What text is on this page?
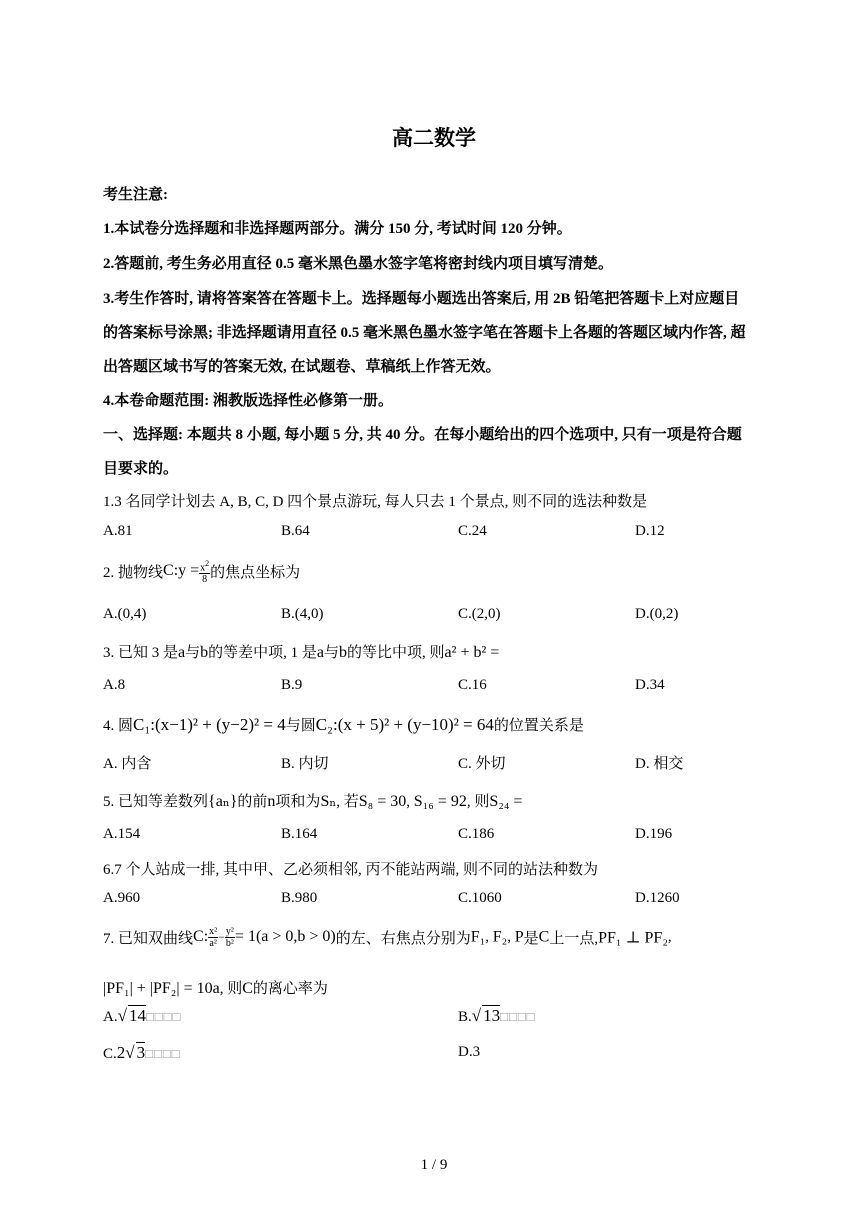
高二数学
考生注意:
1.本试卷分选择题和非选择题两部分。满分 150 分, 考试时间 120 分钟。
2.答题前, 考生务必用直径 0.5 毫米黑色墨水签字笔将密封线内项目填写清楚。
3.考生作答时, 请将答案答在答题卡上。选择题每小题选出答案后, 用 2B 铅笔把答题卡上对应题目
的答案标号涂黑; 非选择题请用直径 0.5 毫米黑色墨水签字笔在答题卡上各题的答题区域内作答, 超
出答题区域书写的答案无效, 在试题卷、草稿纸上作答无效。
4.本卷命题范围: 湘教版选择性必修第一册。
一、选择题: 本题共 8 小题, 每小题 5 分, 共 40 分。在每小题给出的四个选项中, 只有一项是符合题
目要求的。
1.3 名同学计划去 A, B, C, D 四个景点游玩, 每人只去 1 个景点, 则不同的选法种数是
A.81	B.64	C.24	D.12
2. 抛物线C:y = $\frac{x^2}{8}$ 的焦点坐标为
A.(0,4)	B.(4,0)	C.(2,0)	D.(0,2)
3. 已知 3 是a与b的等差中项, 1 是a与b的等比中项, 则a² + b² =
A.8	B.9	C.16	D.34
4. 圆C₁:(x−1)² + (y−2)² = 4与圆C₂:(x + 5)² + (y−10)² = 64的位置关系是
A. 内含	B. 内切	C. 外切	D. 相交
5. 已知等差数列{aₙ}的前n项和为Sₙ, 若S₈ = 30, S₁₆ = 92, 则S₂₄ =
A.154	B.164	C.186	D.196
6.7 个人站成一排, 其中甲、乙必须相邻, 丙不能站两端, 则不同的站法种数为
A.960	B.980	C.1060	D.1260
7. 已知双曲线C: $\frac{\text{x²}}{\text{a²}} - \frac{\text{y²}}{\text{b²}} = 1(a > 0,b > 0)$的左、右焦点分别为F₁, F₂, P是C上一点,PF₁ ⊥ PF₂,
|PF₁| + |PF₂| = 10a, 则C的离心率为
A.√ 14□□□□	B.√ 13□□□□
C.2√ 3□□□□	D.3
1 / 9
